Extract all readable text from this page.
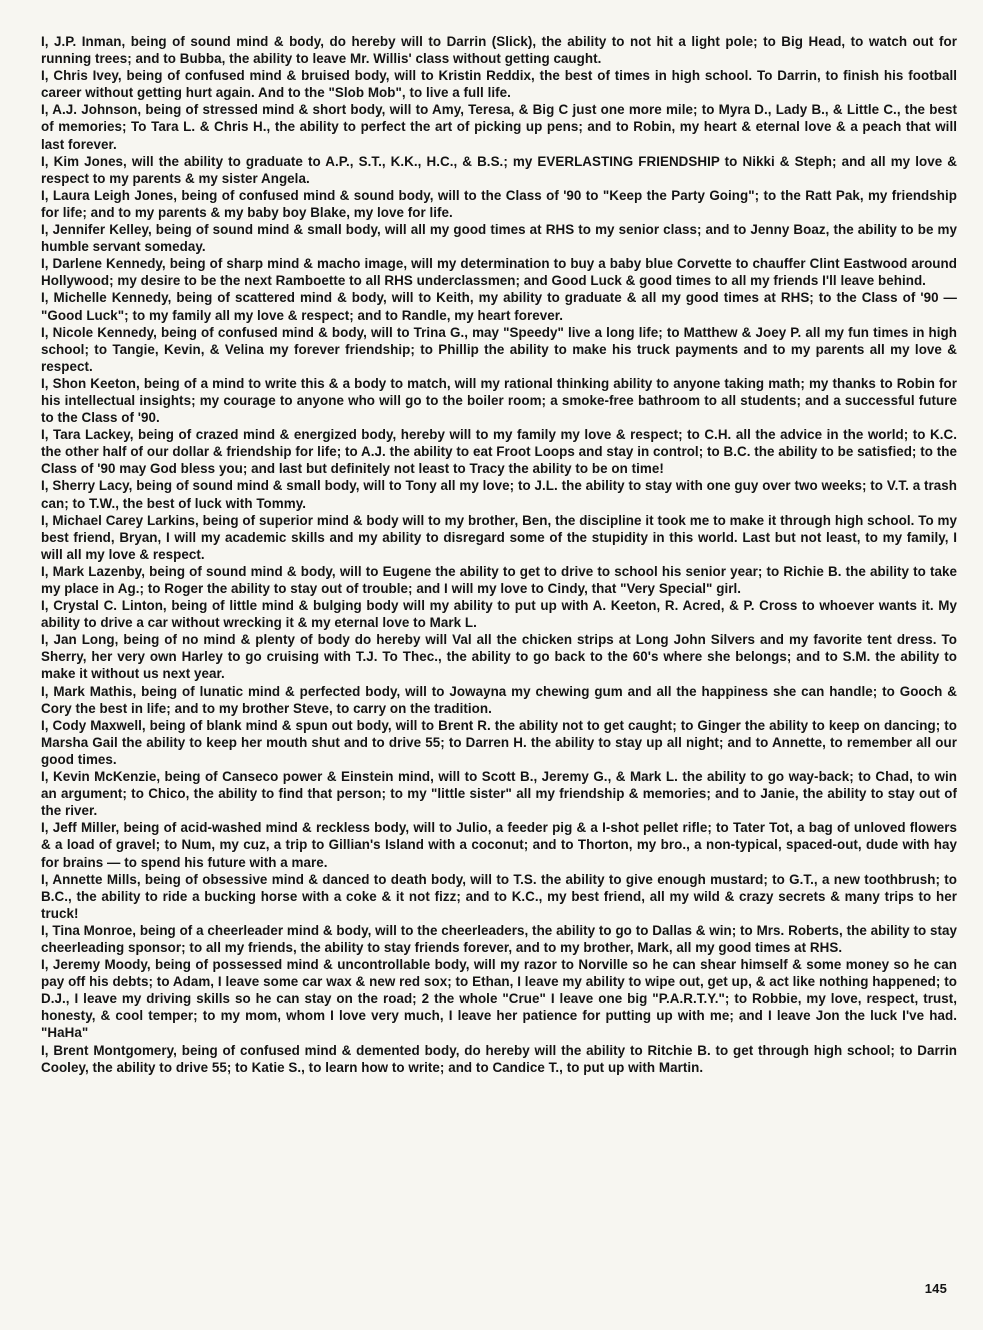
I, J.P. Inman, being of sound mind & body, do hereby will to Darrin (Slick), the ability to not hit a light pole; to Big Head, to watch out for running trees; and to Bubba, the ability to leave Mr. Willis' class without getting caught.

I, Chris Ivey, being of confused mind & bruised body, will to Kristin Reddix, the best of times in high school. To Darrin, to finish his football career without getting hurt again. And to the "Slob Mob", to live a full life.

I, A.J. Johnson, being of stressed mind & short body, will to Amy, Teresa, & Big C just one more mile; to Myra D., Lady B., & Little C., the best of memories; To Tara L. & Chris H., the ability to perfect the art of picking up pens; and to Robin, my heart & eternal love & a peach that will last forever.

I, Kim Jones, will the ability to graduate to A.P., S.T., K.K., H.C., & B.S.; my EVERLASTING FRIENDSHIP to Nikki & Steph; and all my love & respect to my parents & my sister Angela.

I, Laura Leigh Jones, being of confused mind & sound body, will to the Class of '90 to "Keep the Party Going"; to the Ratt Pak, my friendship for life; and to my parents & my baby boy Blake, my love for life.

I, Jennifer Kelley, being of sound mind & small body, will all my good times at RHS to my senior class; and to Jenny Boaz, the ability to be my humble servant someday.

I, Darlene Kennedy, being of sharp mind & macho image, will my determination to buy a baby blue Corvette to chauffer Clint Eastwood around Hollywood; my desire to be the next Ramboette to all RHS underclassmen; and Good Luck & good times to all my friends I'll leave behind.

I, Michelle Kennedy, being of scattered mind & body, will to Keith, my ability to graduate & all my good times at RHS; to the Class of '90 — "Good Luck"; to my family all my love & respect; and to Randle, my heart forever.

I, Nicole Kennedy, being of confused mind & body, will to Trina G., may "Speedy" live a long life; to Matthew & Joey P. all my fun times in high school; to Tangie, Kevin, & Velina my forever friendship; to Phillip the ability to make his truck payments and to my parents all my love & respect.

I, Shon Keeton, being of a mind to write this & a body to match, will my rational thinking ability to anyone taking math; my thanks to Robin for his intellectual insights; my courage to anyone who will go to the boiler room; a smoke-free bathroom to all students; and a successful future to the Class of '90.

I, Tara Lackey, being of crazed mind & energized body, hereby will to my family my love & respect; to C.H. all the advice in the world; to K.C. the other half of our dollar & friendship for life; to A.J. the ability to eat Froot Loops and stay in control; to B.C. the ability to be satisfied; to the Class of '90 may God bless you; and last but definitely not least to Tracy the ability to be on time!

I, Sherry Lacy, being of sound mind & small body, will to Tony all my love; to J.L. the ability to stay with one guy over two weeks; to V.T. a trash can; to T.W., the best of luck with Tommy.

I, Michael Carey Larkins, being of superior mind & body will to my brother, Ben, the discipline it took me to make it through high school. To my best friend, Bryan, I will my academic skills and my ability to disregard some of the stupidity in this world. Last but not least, to my family, I will all my love & respect.

I, Mark Lazenby, being of sound mind & body, will to Eugene the ability to get to drive to school his senior year; to Richie B. the ability to take my place in Ag.; to Roger the ability to stay out of trouble; and I will my love to Cindy, that "Very Special" girl.

I, Crystal C. Linton, being of little mind & bulging body will my ability to put up with A. Keeton, R. Acred, & P. Cross to whoever wants it. My ability to drive a car without wrecking it & my eternal love to Mark L.

I, Jan Long, being of no mind & plenty of body do hereby will Val all the chicken strips at Long John Silvers and my favorite tent dress. To Sherry, her very own Harley to go cruising with T.J. To Thec., the ability to go back to the 60's where she belongs; and to S.M. the ability to make it without us next year.

I, Mark Mathis, being of lunatic mind & perfected body, will to Jowayna my chewing gum and all the happiness she can handle; to Gooch & Cory the best in life; and to my brother Steve, to carry on the tradition.

I, Cody Maxwell, being of blank mind & spun out body, will to Brent R. the ability not to get caught; to Ginger the ability to keep on dancing; to Marsha Gail the ability to keep her mouth shut and to drive 55; to Darren H. the ability to stay up all night; and to Annette, to remember all our good times.

I, Kevin McKenzie, being of Canseco power & Einstein mind, will to Scott B., Jeremy G., & Mark L. the ability to go way-back; to Chad, to win an argument; to Chico, the ability to find that person; to my "little sister" all my friendship & memories; and to Janie, the ability to stay out of the river.

I, Jeff Miller, being of acid-washed mind & reckless body, will to Julio, a feeder pig & a I-shot pellet rifle; to Tater Tot, a bag of unloved flowers & a load of gravel; to Num, my cuz, a trip to Gillian's Island with a coconut; and to Thorton, my bro., a non-typical, spaced-out, dude with hay for brains — to spend his future with a mare.

I, Annette Mills, being of obsessive mind & danced to death body, will to T.S. the ability to give enough mustard; to G.T., a new toothbrush; to B.C., the ability to ride a bucking horse with a coke & it not fizz; and to K.C., my best friend, all my wild & crazy secrets & many trips to her truck!

I, Tina Monroe, being of a cheerleader mind & body, will to the cheerleaders, the ability to go to Dallas & win; to Mrs. Roberts, the ability to stay cheerleading sponsor; to all my friends, the ability to stay friends forever, and to my brother, Mark, all my good times at RHS.

I, Jeremy Moody, being of possessed mind & uncontrollable body, will my razor to Norville so he can shear himself & some money so he can pay off his debts; to Adam, I leave some car wax & new red sox; to Ethan, I leave my ability to wipe out, get up, & act like nothing happened; to D.J., I leave my driving skills so he can stay on the road; 2 the whole "Crue" I leave one big "P.A.R.T.Y."; to Robbie, my love, respect, trust, honesty, & cool temper; to my mom, whom I love very much, I leave her patience for putting up with me; and I leave Jon the luck I've had. "HaHa"

I, Brent Montgomery, being of confused mind & demented body, do hereby will the ability to Ritchie B. to get through high school; to Darrin Cooley, the ability to drive 55; to Katie S., to learn how to write; and to Candice T., to put up with Martin.

145
